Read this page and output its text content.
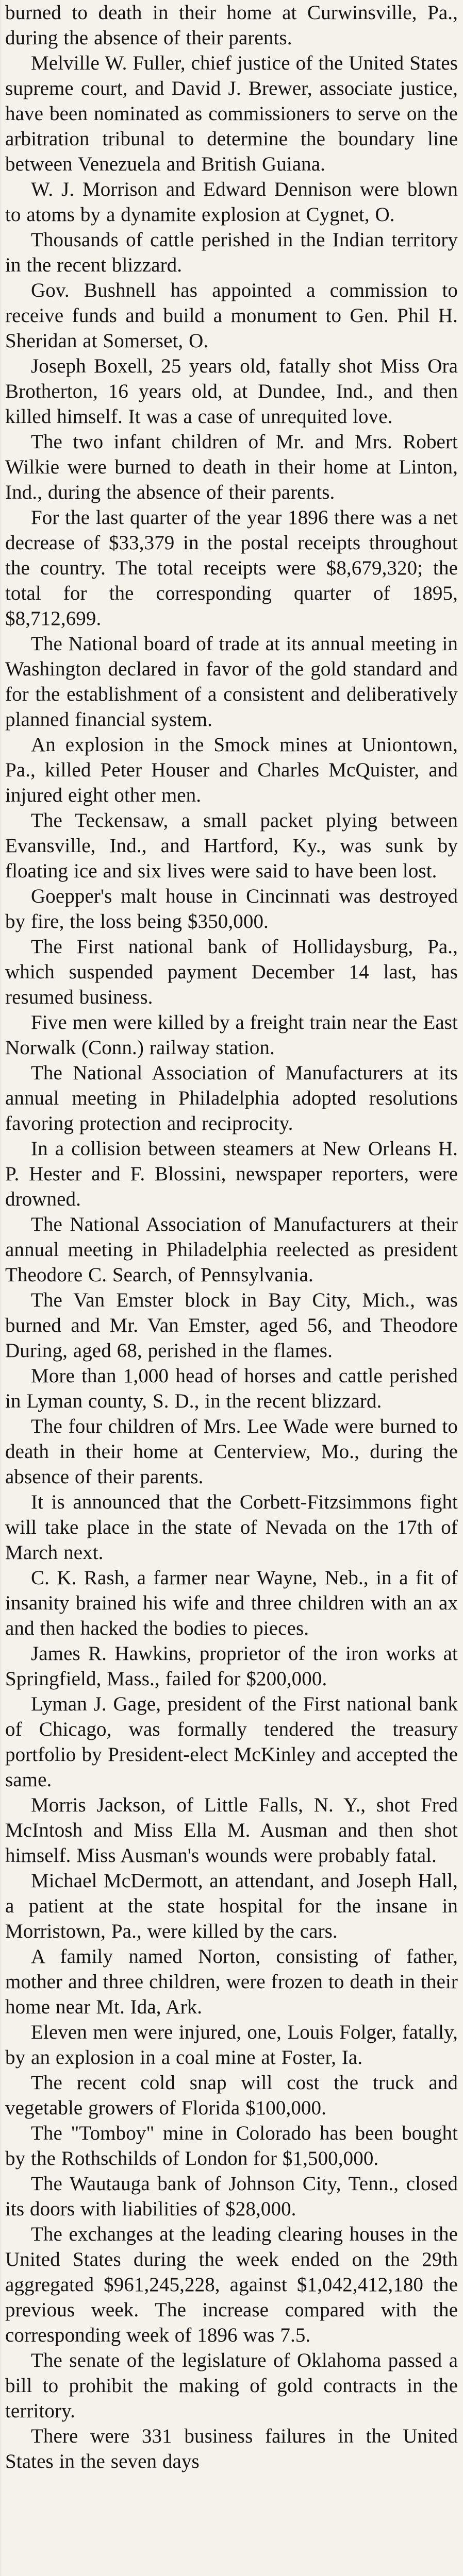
burned to death in their home at Curwinsville, Pa., during the absence of their parents.

Melville W. Fuller, chief justice of the United States supreme court, and David J. Brewer, associate justice, have been nominated as commissioners to serve on the arbitration tribunal to determine the boundary line between Venezuela and British Guiana.

W. J. Morrison and Edward Dennison were blown to atoms by a dynamite explosion at Cygnet, O.

Thousands of cattle perished in the Indian territory in the recent blizzard.

Gov. Bushnell has appointed a commission to receive funds and build a monument to Gen. Phil H. Sheridan at Somerset, O.

Joseph Boxell, 25 years old, fatally shot Miss Ora Brotherton, 16 years old, at Dundee, Ind., and then killed himself. It was a case of unrequited love.

The two infant children of Mr. and Mrs. Robert Wilkie were burned to death in their home at Linton, Ind., during the absence of their parents.

For the last quarter of the year 1896 there was a net decrease of $33,379 in the postal receipts throughout the country. The total receipts were $8,679,320; the total for the corresponding quarter of 1895, $8,712,699.

The National board of trade at its annual meeting in Washington declared in favor of the gold standard and for the establishment of a consistent and deliberatively planned financial system.

An explosion in the Smock mines at Uniontown, Pa., killed Peter Houser and Charles McQuister, and injured eight other men.

The Teckensaw, a small packet plying between Evansville, Ind., and Hartford, Ky., was sunk by floating ice and six lives were said to have been lost.

Goepper's malt house in Cincinnati was destroyed by fire, the loss being $350,000.

The First national bank of Hollidaysburg, Pa., which suspended payment December 14 last, has resumed business.

Five men were killed by a freight train near the East Norwalk (Conn.) railway station.

The National Association of Manufacturers at its annual meeting in Philadelphia adopted resolutions favoring protection and reciprocity.

In a collision between steamers at New Orleans H. P. Hester and F. Blossini, newspaper reporters, were drowned.

The National Association of Manufacturers at their annual meeting in Philadelphia reelected as president Theodore C. Search, of Pennsylvania.

The Van Emster block in Bay City, Mich., was burned and Mr. Van Emster, aged 56, and Theodore During, aged 68, perished in the flames.

More than 1,000 head of horses and cattle perished in Lyman county, S. D., in the recent blizzard.

The four children of Mrs. Lee Wade were burned to death in their home at Centerview, Mo., during the absence of their parents.

It is announced that the Corbett-Fitzsimmons fight will take place in the state of Nevada on the 17th of March next.

C. K. Rash, a farmer near Wayne, Neb., in a fit of insanity brained his wife and three children with an ax and then hacked the bodies to pieces.

James R. Hawkins, proprietor of the iron works at Springfield, Mass., failed for $200,000.

Lyman J. Gage, president of the First national bank of Chicago, was formally tendered the treasury portfolio by President-elect McKinley and accepted the same.

Morris Jackson, of Little Falls, N. Y., shot Fred McIntosh and Miss Ella M. Ausman and then shot himself. Miss Ausman's wounds were probably fatal.

Michael McDermott, an attendant, and Joseph Hall, a patient at the state hospital for the insane in Morristown, Pa., were killed by the cars.

A family named Norton, consisting of father, mother and three children, were frozen to death in their home near Mt. Ida, Ark.

Eleven men were injured, one, Louis Folger, fatally, by an explosion in a coal mine at Foster, Ia.

The recent cold snap will cost the truck and vegetable growers of Florida $100,000.

The "Tomboy" mine in Colorado has been bought by the Rothschilds of London for $1,500,000.

The Wautauga bank of Johnson City, Tenn., closed its doors with liabilities of $28,000.

The exchanges at the leading clearing houses in the United States during the week ended on the 29th aggregated $961,245,228, against $1,042,412,180 the previous week. The increase compared with the corresponding week of 1896 was 7.5.

The senate of the legislature of Oklahoma passed a bill to prohibit the making of gold contracts in the territory.

There were 331 business failures in the United States in the seven days
